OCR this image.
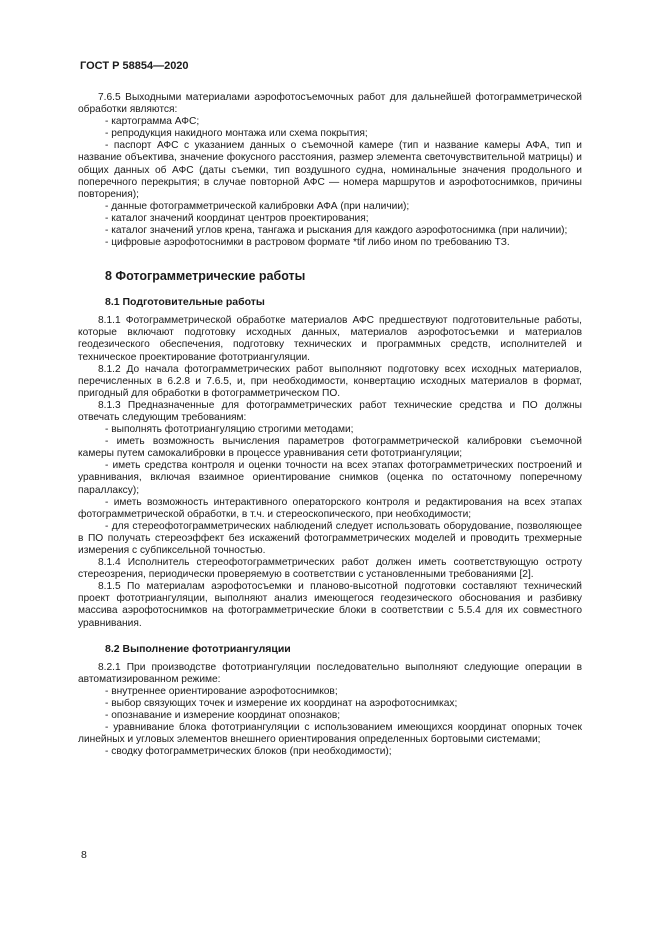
ГОСТ Р 58854—2020

7.6.5 Выходными материалами аэрофотосъемочных работ для дальнейшей фотограмметрической обработки являются:

- картограмма АФС;

- репродукция накидного монтажа или схема покрытия;

- паспорт АФС с указанием данных о съемочной камере (тип и название камеры АФА, тип и название объектива, значение фокусного расстояния, размер элемента светочувствительной матрицы) и общих данных об АФС (даты съемки, тип воздушного судна, номинальные значения продольного и поперечного перекрытия; в случае повторной АФС — номера маршрутов и аэрофотоснимков, причины повторения);

- данные фотограмметрической калибровки АФА (при наличии);

- каталог значений координат центров проектирования;

- каталог значений углов крена, тангажа и рыскания для каждого аэрофотоснимка (при наличии);

- цифровые аэрофотоснимки в растровом формате *tif либо ином по требованию ТЗ.

8 Фотограмметрические работы
8.1 Подготовительные работы

8.1.1 Фотограмметрической обработке материалов АФС предшествуют подготовительные работы, которые включают подготовку исходных данных, материалов аэрофотосъемки и материалов геодезического обеспечения, подготовку технических и программных средств, исполнителей и техническое проектирование фототриангуляции.

8.1.2 До начала фотограмметрических работ выполняют подготовку всех исходных материалов, перечисленных в 6.2.8 и 7.6.5, и, при необходимости, конвертацию исходных материалов в формат, пригодный для обработки в фотограмметрическом ПО.

8.1.3 Предназначенные для фотограмметрических работ технические средства и ПО должны отвечать следующим требованиям:

- выполнять фототриангуляцию строгими методами;

- иметь возможность вычисления параметров фотограмметрической калибровки съемочной камеры путем самокалибровки в процессе уравнивания сети фототриангуляции;

- иметь средства контроля и оценки точности на всех этапах фотограмметрических построений и уравнивания, включая взаимное ориентирование снимков (оценка по остаточному поперечному параллаксу);

- иметь возможность интерактивного операторского контроля и редактирования на всех этапах фотограмметрической обработки, в т.ч. и стереоскопического, при необходимости;

- для стереофотограмметрических наблюдений следует использовать оборудование, позволяющее в ПО получать стереоэффект без искажений фотограмметрических моделей и проводить трехмерные измерения с субпиксельной точностью.

8.1.4 Исполнитель стереофотограмметрических работ должен иметь соответствующую остроту стереозрения, периодически проверяемую в соответствии с установленными требованиями [2].

8.1.5 По материалам аэрофотосъемки и планово-высотной подготовки составляют технический проект фототриангуляции, выполняют анализ имеющегося геодезического обоснования и разбивку массива аэрофотоснимков на фотограмметрические блоки в соответствии с 5.5.4 для их совместного уравнивания.

8.2 Выполнение фототриангуляции

8.2.1 При производстве фототриангуляции последовательно выполняют следующие операции в автоматизированном режиме:

- внутреннее ориентирование аэрофотоснимков;

- выбор связующих точек и измерение их координат на аэрофотоснимках;

- опознавание и измерение координат опознаков;

- уравнивание блока фототриангуляции с использованием имеющихся координат опорных точек линейных и угловых элементов внешнего ориентирования определенных бортовыми системами;

- сводку фотограмметрических блоков (при необходимости);

8
